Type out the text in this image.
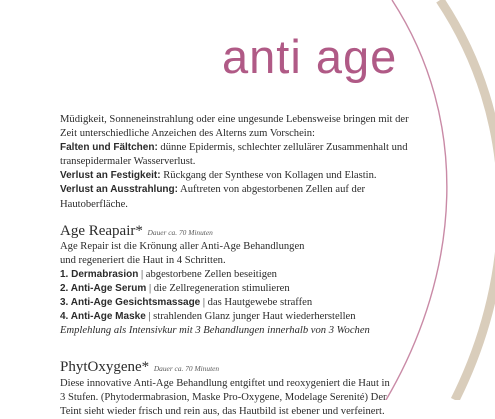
anti age

Müdigkeit, Sonneneinstrahlung oder eine ungesunde Lebensweise bringen mit der Zeit unterschiedliche Anzeichen des Alterns zum Vorschein:

Falten und Fältchen: dünne Epidermis, schlechter zellulärer Zusammenhalt und transepidermaler Wasserverlust.

Verlust an Festigkeit: Rückgang der Synthese von Kollagen und Elastin.

Verlust an Ausstrahlung: Auftreten von abgestorbenen Zellen auf der Hautoberfläche.

Age Reapair* Dauer ca. 70 Minuten

Age Repair ist die Krönung aller Anti-Age Behandlungen

und regeneriert die Haut in 4 Schritten.

1. Dermabrasion | abgestorbene Zellen beseitigen

2. Anti-Age Serum | die Zellregeneration stimulieren

3. Anti-Age Gesichtsmassage | das Hautgewebe straffen

4. Anti-Age Maske | strahlenden Glanz junger Haut wiederherstellen

Emplehlung als Intensivkur mit 3 Behandlungen innerhalb von 3 Wochen

PhytOxygene* Dauer ca. 70 Minuten

Diese innovative Anti-Age Behandlung entgiftet und reoxygeniert die Haut in

3 Stufen. (Phytodermabrasion, Maske Pro-Oxygene, Modelage Serenité) Der

Teint sieht wieder frisch und rein aus, das Hautbild ist ebener und verfeinert.
